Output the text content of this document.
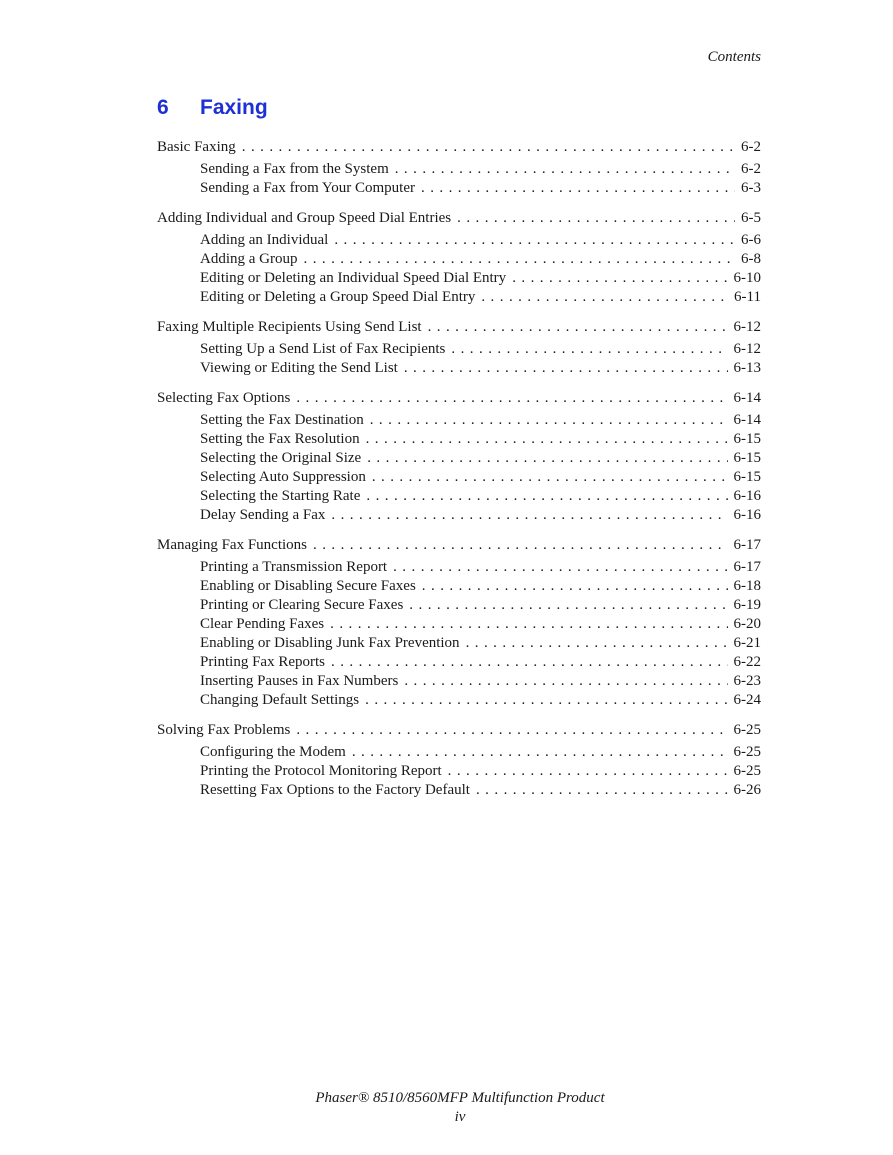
Contents
6	Faxing
Basic Faxing . . .	6-2
Sending a Fax from the System . . .	6-2
Sending a Fax from Your Computer . . .	6-3
Adding Individual and Group Speed Dial Entries . . .	6-5
Adding an Individual . . .	6-6
Adding a Group . . .	6-8
Editing or Deleting an Individual Speed Dial Entry . . .	6-10
Editing or Deleting a Group Speed Dial Entry . . .	6-11
Faxing Multiple Recipients Using Send List . . .	6-12
Setting Up a Send List of Fax Recipients . . .	6-12
Viewing or Editing the Send List . . .	6-13
Selecting Fax Options . . .	6-14
Setting the Fax Destination . . .	6-14
Setting the Fax Resolution . . .	6-15
Selecting the Original Size . . .	6-15
Selecting Auto Suppression . . .	6-15
Selecting the Starting Rate . . .	6-16
Delay Sending a Fax . . .	6-16
Managing Fax Functions . . .	6-17
Printing a Transmission Report . . .	6-17
Enabling or Disabling Secure Faxes . . .	6-18
Printing or Clearing Secure Faxes . . .	6-19
Clear Pending Faxes . . .	6-20
Enabling or Disabling Junk Fax Prevention . . .	6-21
Printing Fax Reports . . .	6-22
Inserting Pauses in Fax Numbers . . .	6-23
Changing Default Settings . . .	6-24
Solving Fax Problems . . .	6-25
Configuring the Modem . . .	6-25
Printing the Protocol Monitoring Report . . .	6-25
Resetting Fax Options to the Factory Default . . .	6-26
Phaser® 8510/8560MFP Multifunction Product
iv
